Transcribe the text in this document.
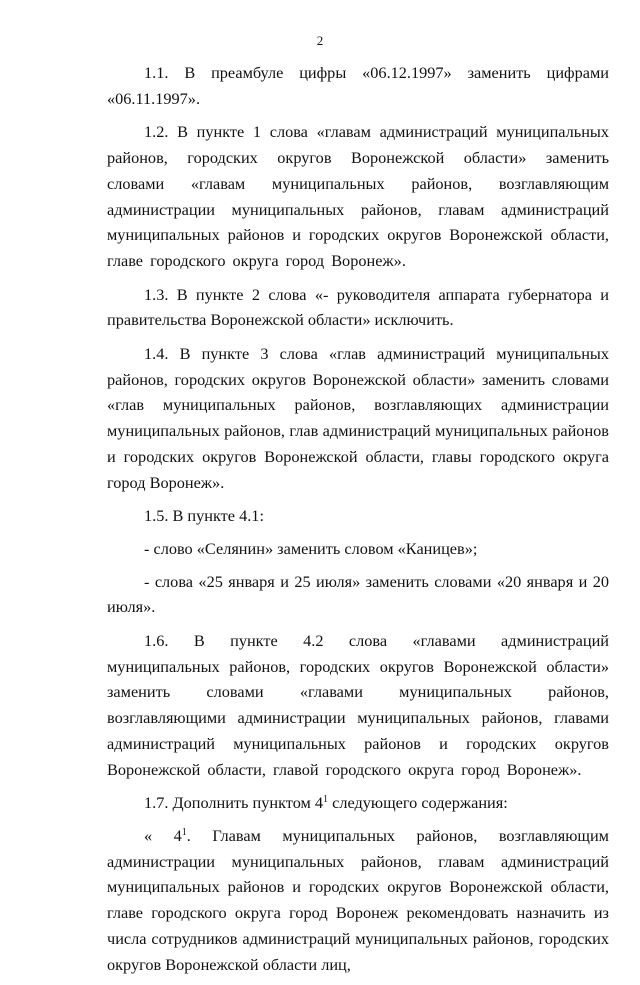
2

1.1. В преамбуле цифры «06.12.1997» заменить цифрами «06.11.1997».

1.2. В пункте 1 слова «главам администраций муниципальных районов, городских округов Воронежской области» заменить словами «главам муниципальных районов, возглавляющим администрации муниципальных районов, главам администраций муниципальных районов и городских округов Воронежской области, главе городского округа город Воронеж».

1.3. В пункте 2 слова «- руководителя аппарата губернатора и правительства Воронежской области» исключить.

1.4. В пункте 3 слова «глав администраций муниципальных районов, городских округов Воронежской области» заменить словами «глав муниципальных районов, возглавляющих администрации муниципальных районов, глав администраций муниципальных районов и городских округов Воронежской области, главы городского округа город Воронеж».

1.5. В пункте 4.1:

- слово «Селянин» заменить словом «Каницев»;

- слова «25 января и 25 июля» заменить словами «20 января и 20 июля».

1.6. В пункте 4.2 слова «главами администраций муниципальных районов, городских округов Воронежской области» заменить словами «главами муниципальных районов, возглавляющими администрации муниципальных районов, главами администраций муниципальных районов и городских округов Воронежской области, главой городского округа город Воронеж».

1.7. Дополнить пунктом $4^1$ следующего содержания:

« $4^1$. Главам муниципальных районов, возглавляющим администрации муниципальных районов, главам администраций муниципальных районов и городских округов Воронежской области, главе городского округа город Воронеж рекомендовать назначить из числа сотрудников администраций муниципальных районов, городских округов Воронежской области лиц,
